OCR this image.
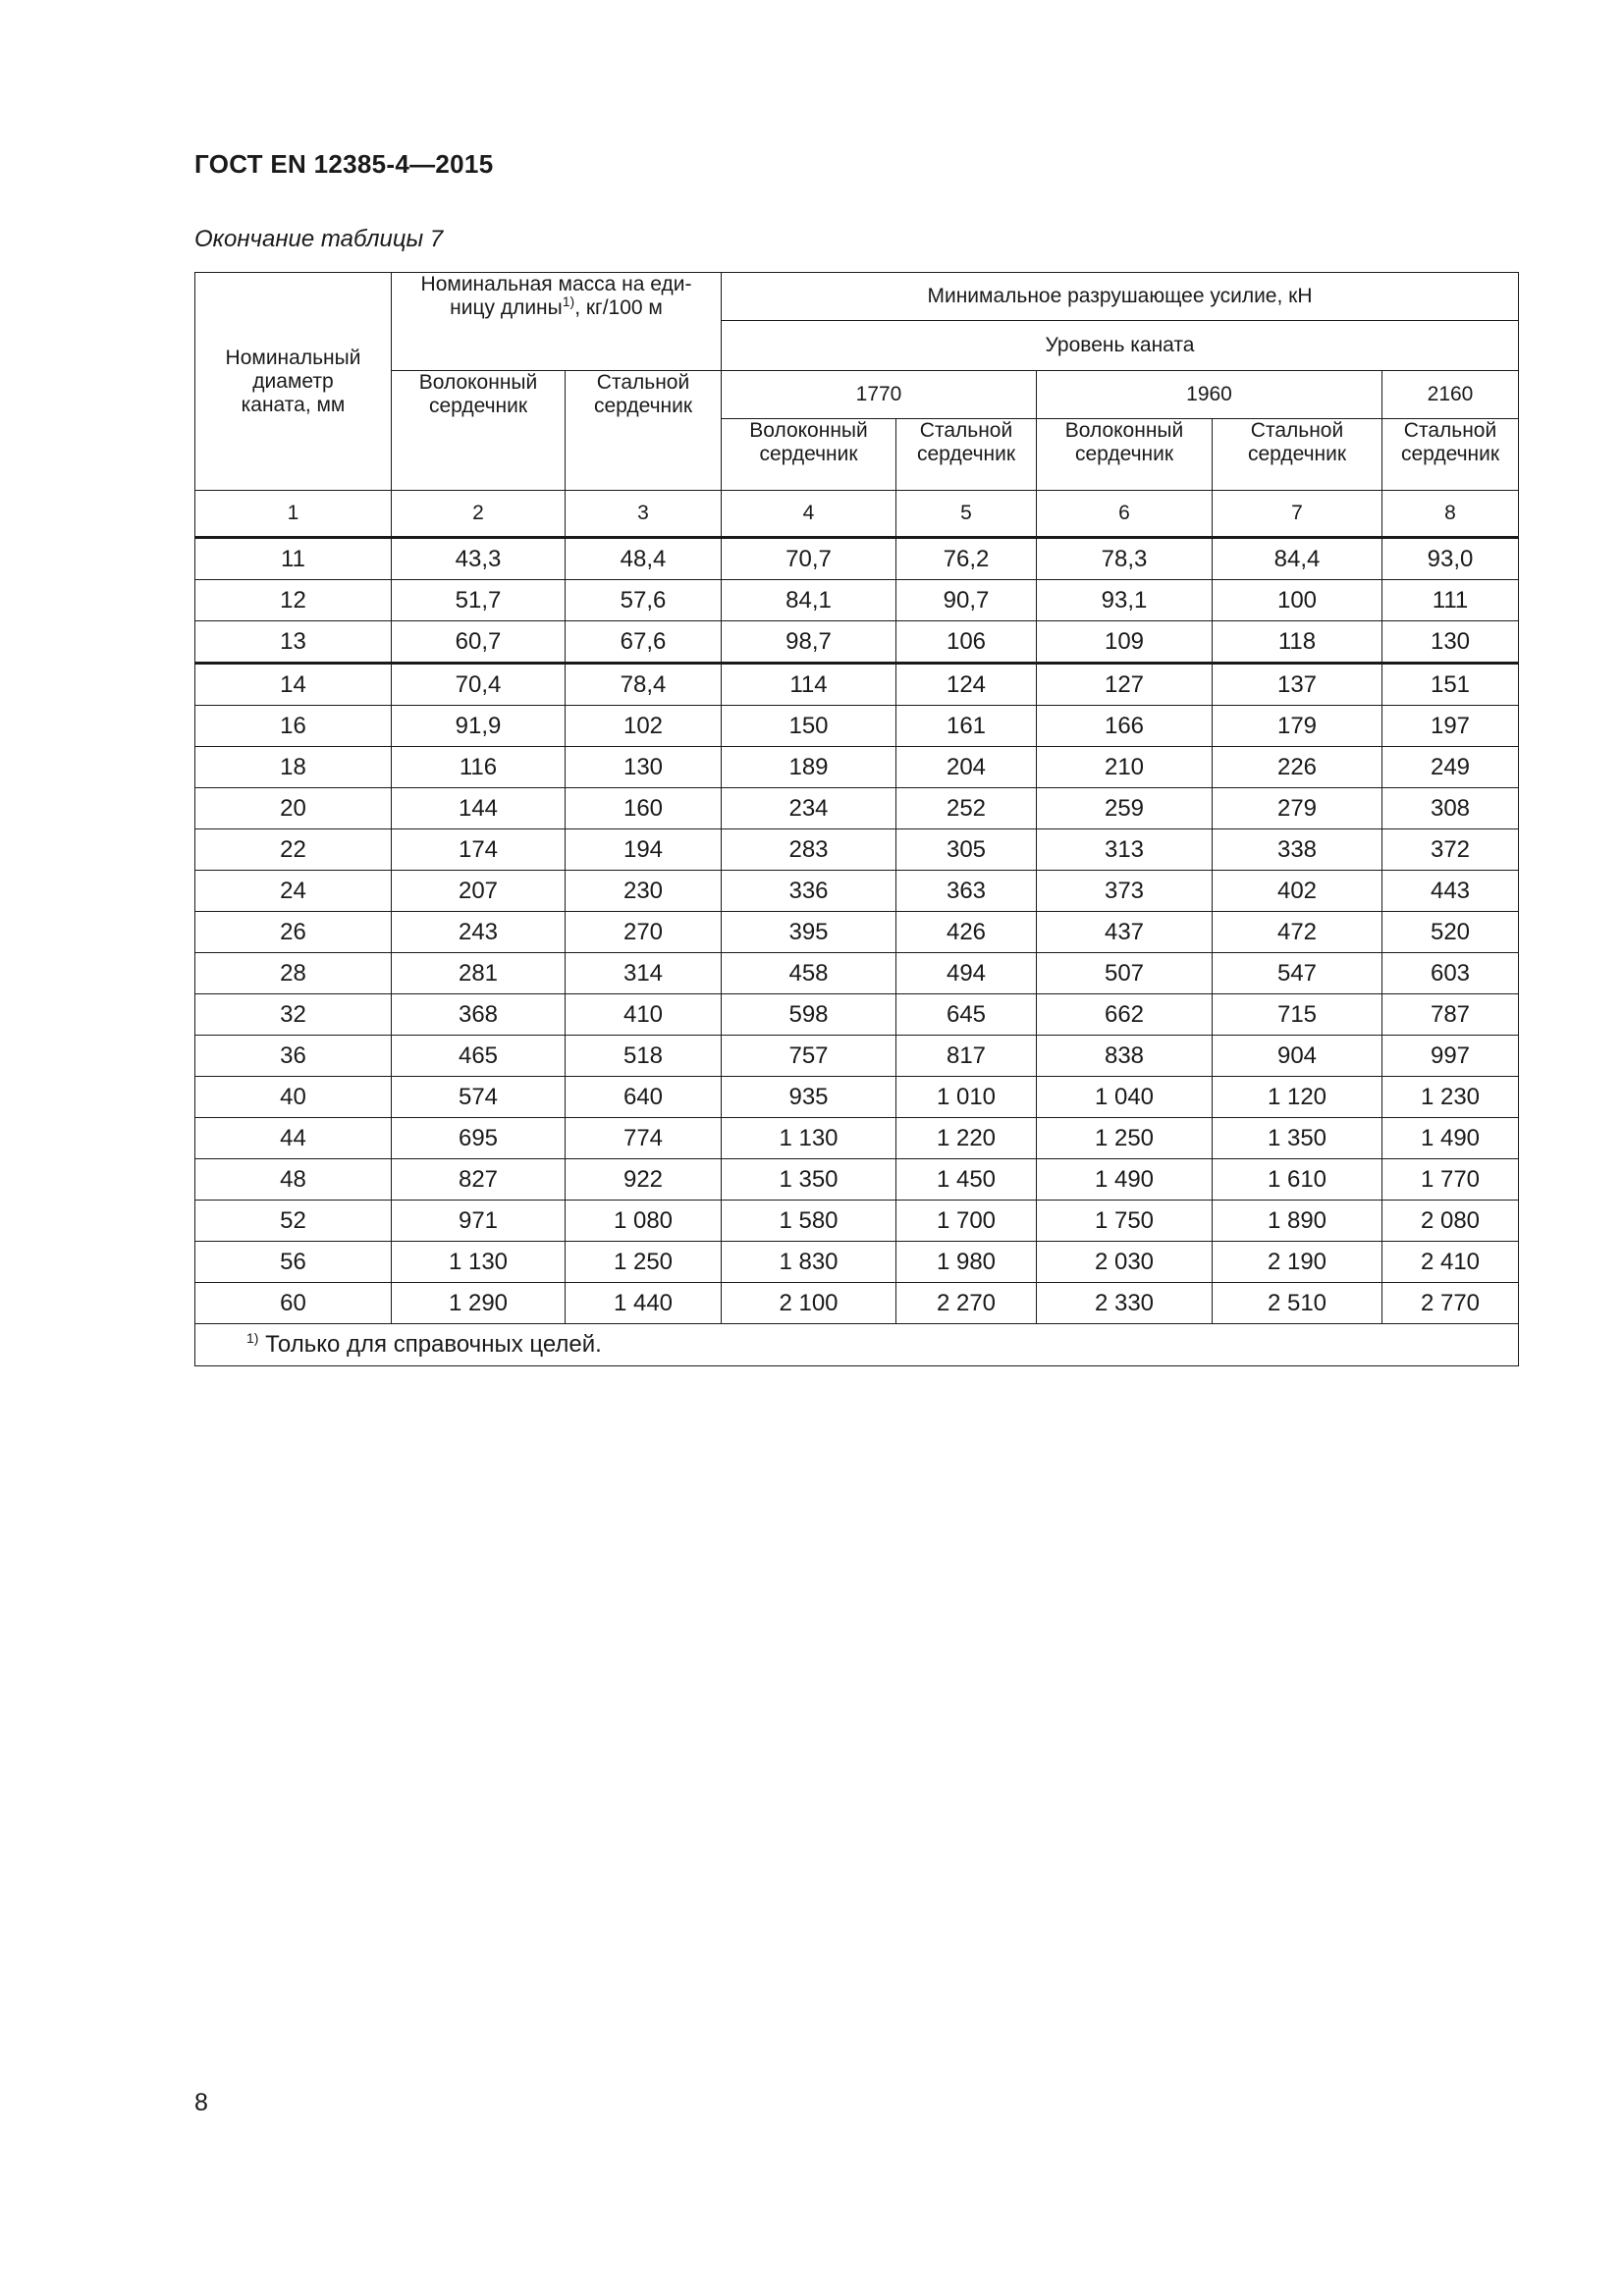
ГОСТ EN 12385-4—2015
Окончание таблицы 7
Номинальный диаметр каната, мм	Номинальная масса на еди-ницу длины$^{1)}$, кг/100 м		Минимальное разрушающее усилие, кН				
			Уровень каната				
	Волоконный сердечник	Стальной сердечник	1770		1960		2160
			Волоконный сердечник	Стальной сердечник	Волоконный сердечник	Стальной сердечник	Стальной сердечник
1	2	3	4	5	6	7	8
11	43,3	48,4	70,7	76,2	78,3	84,4	93,0
12	51,7	57,6	84,1	90,7	93,1	100	111
13	60,7	67,6	98,7	106	109	118	130
14	70,4	78,4	114	124	127	137	151
16	91,9	102	150	161	166	179	197
18	116	130	189	204	210	226	249
20	144	160	234	252	259	279	308
22	174	194	283	305	313	338	372
24	207	230	336	363	373	402	443
26	243	270	395	426	437	472	520
28	281	314	458	494	507	547	603
32	368	410	598	645	662	715	787
36	465	518	757	817	838	904	997
40	574	640	935	1 010	1 040	1 120	1 230
44	695	774	1 130	1 220	1 250	1 350	1 490
48	827	922	1 350	1 450	1 490	1 610	1 770
52	971	1 080	1 580	1 700	1 750	1 890	2 080
56	1 130	1 250	1 830	1 980	2 030	2 190	2 410
60	1 290	1 440	2 100	2 270	2 330	2 510	2 770
$^{1)}$ Только для справочных целей.							
8
